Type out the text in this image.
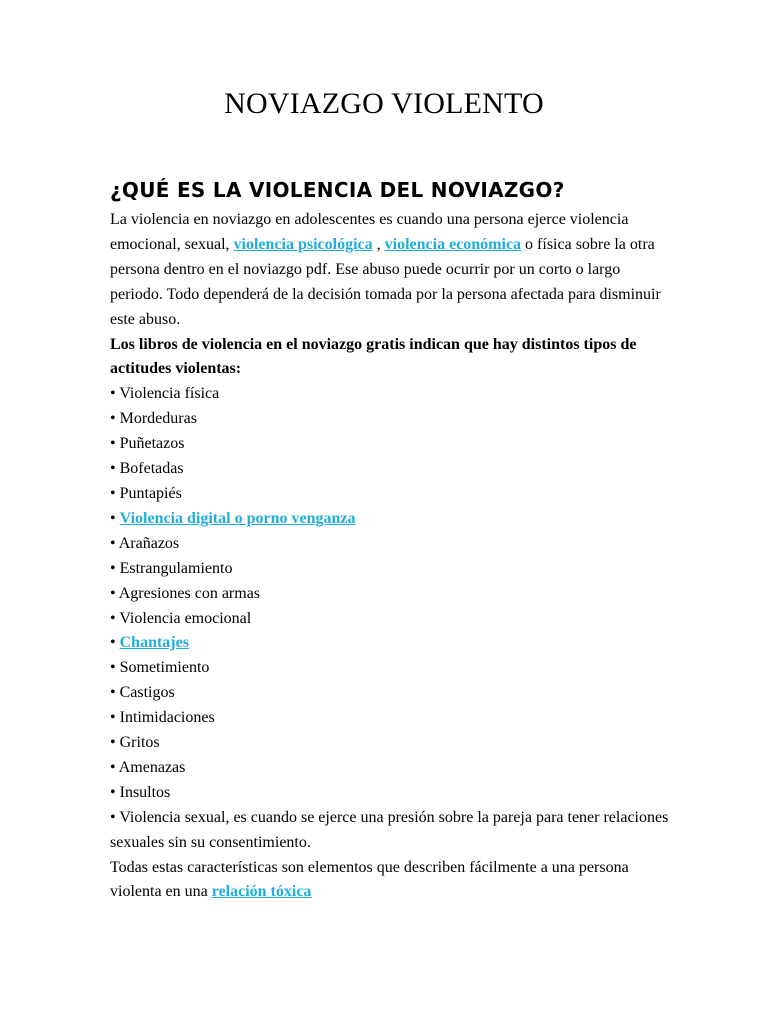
NOVIAZGO VIOLENTO
¿QUÉ ES LA VIOLENCIA DEL NOVIAZGO?

La violencia en noviazgo en adolescentes es cuando una persona ejerce violencia emocional, sexual, violencia psicológica , violencia económica o física sobre la otra persona dentro en el noviazgo pdf. Ese abuso puede ocurrir por un corto o largo periodo. Todo dependerá de la decisión tomada por la persona afectada para disminuir este abuso.

Los libros de violencia en el noviazgo gratis indican que hay distintos tipos de actitudes violentas:

• Violencia física
• Mordeduras
• Puñetazos
• Bofetadas
• Puntapiés
• Violencia digital o porno venganza
• Arañazos
• Estrangulamiento
• Agresiones con armas
• Violencia emocional
• Chantajes
• Sometimiento
• Castigos
• Intimidaciones
• Gritos
• Amenazas
• Insultos
• Violencia sexual, es cuando se ejerce una presión sobre la pareja para tener relaciones sexuales sin su consentimiento.

Todas estas características son elementos que describen fácilmente a una persona violenta en una relación tóxica
